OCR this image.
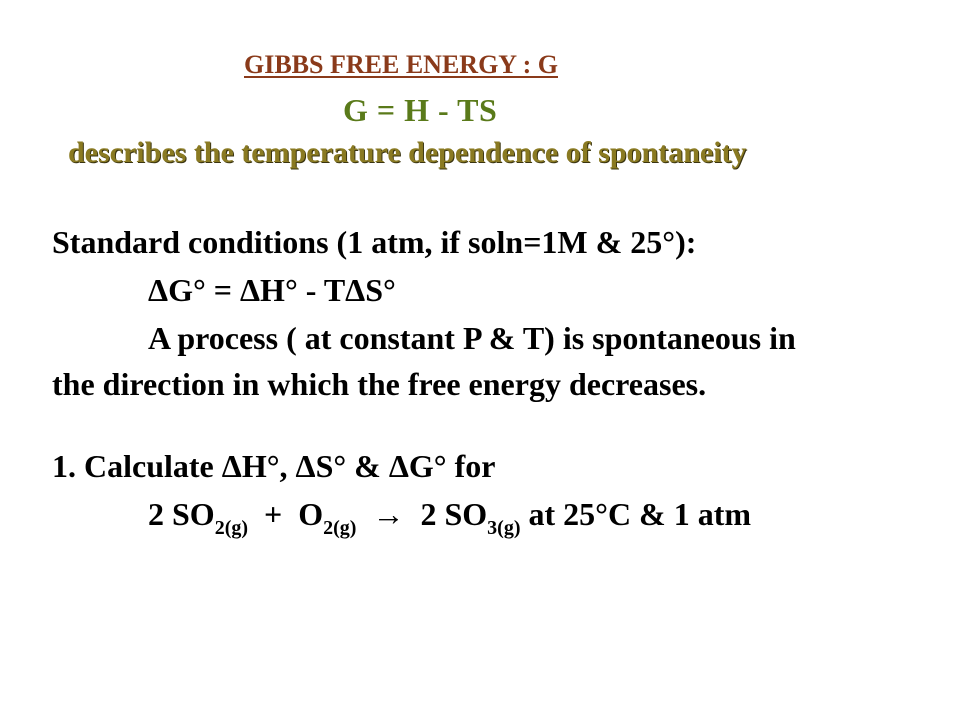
GIBBS FREE ENERGY : G
G = H - TS
describes the temperature dependence of spontaneity
Standard conditions (1 atm, if soln=1M & 25°):
ΔG° = ΔH° - TΔS°
A process ( at constant P & T) is spontaneous in
the direction in which the free energy decreases.
1. Calculate ΔH°, ΔS° & ΔG° for
2 $SO_{2(g)} + O_{2(g)} \to 2$ $SO_{3(g)}$ at 25°C & 1 atm
